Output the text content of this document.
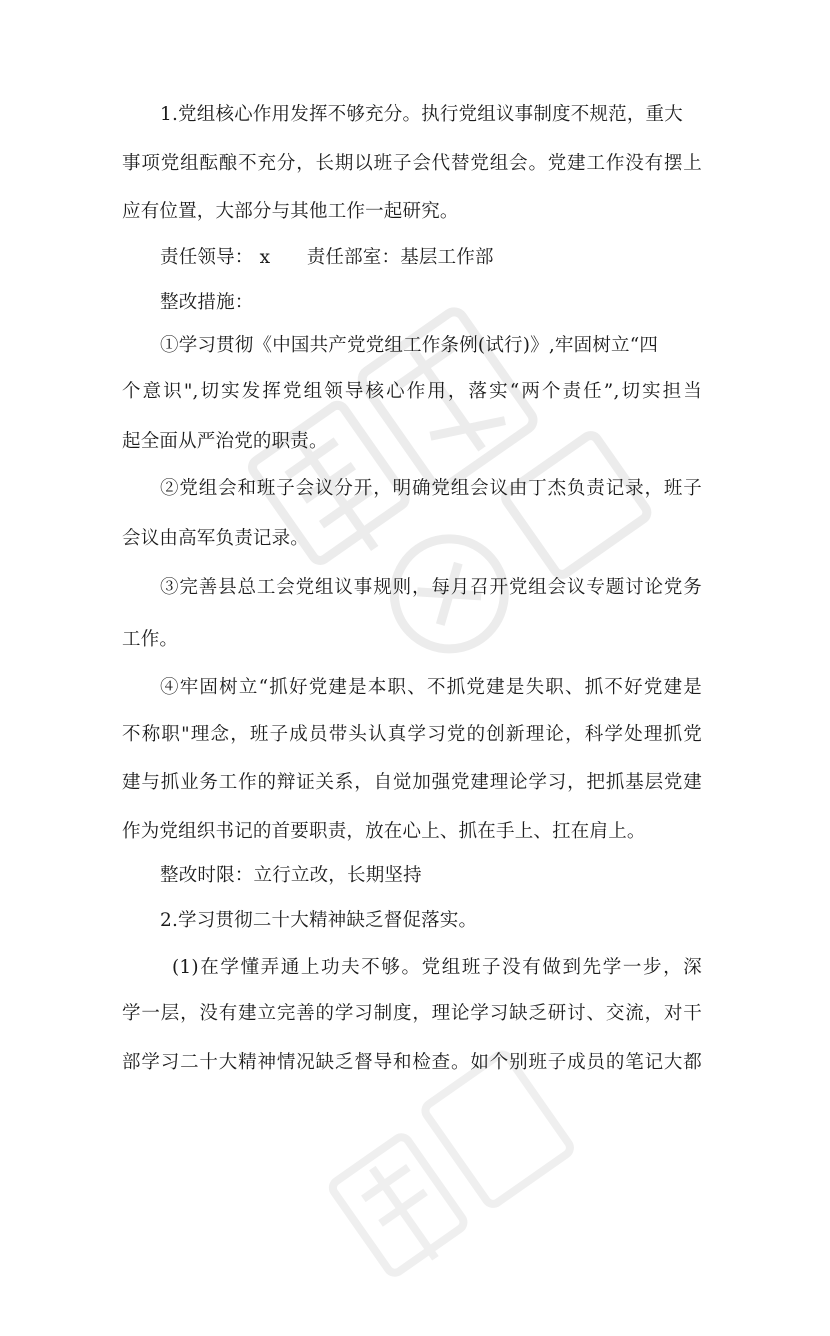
1.党组核心作用发挥不够充分。执行党组议事制度不规范，重大
事项党组酝酿不充分，长期以班子会代替党组会。党建工作没有摆上
应有位置，大部分与其他工作一起研究。
责任领导： x      责任部室：基层工作部
整改措施：
①学习贯彻《中国共产党党组工作条例(试行)》,牢固树立“四
个意识",切实发挥党组领导核心作用，落实“两个责任”,切实担当
起全面从严治党的职责。
②党组会和班子会议分开，明确党组会议由丁杰负责记录，班子
会议由高军负责记录。
③完善县总工会党组议事规则，每月召开党组会议专题讨论党务
工作。
④牢固树立“抓好党建是本职、不抓党建是失职、抓不好党建是
不称职"理念，班子成员带头认真学习党的创新理论，科学处理抓党
建与抓业务工作的辩证关系，自觉加强党建理论学习，把抓基层党建
作为党组织书记的首要职责，放在心上、抓在手上、扛在肩上。
整改时限：立行立改，长期坚持
2.学习贯彻二十大精神缺乏督促落实。
(1)在学懂弄通上功夫不够。党组班子没有做到先学一步，深
学一层，没有建立完善的学习制度，理论学习缺乏研讨、交流，对干
部学习二十大精神情况缺乏督导和检查。如个别班子成员的笔记大都
